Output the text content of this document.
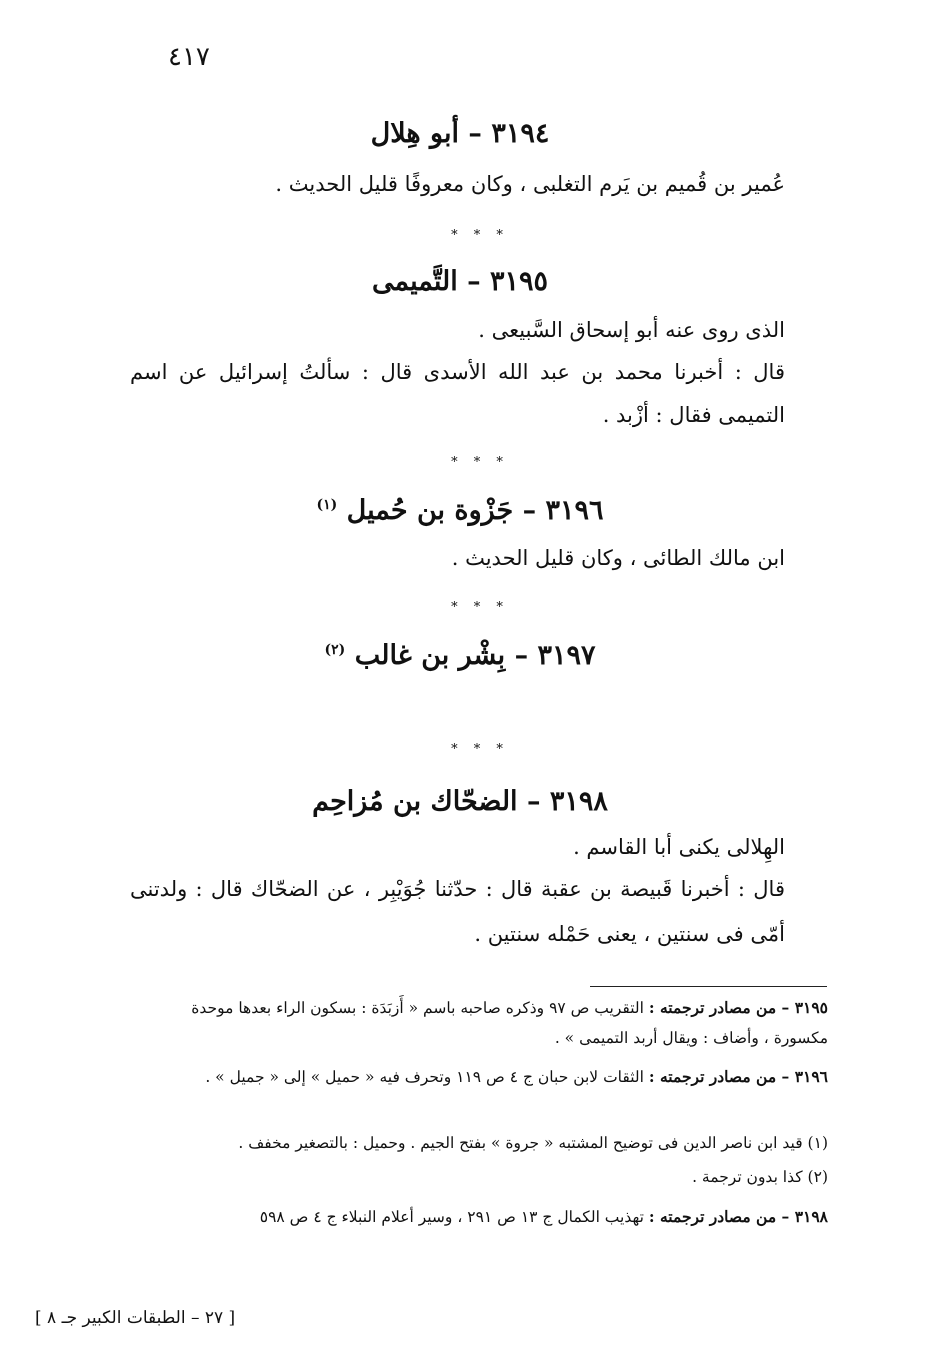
٤١٧
٣١٩٤ – أبو هِلال
عُمير بن قُميم بن يَرم التغلبى ، وكان معروفًا قليل الحديث .
* * *
٣١٩٥ – التَّميمى
الذى روى عنه أبو إسحاق السَّبيعى .
قال : أخبرنا محمد بن عبد الله الأسدى قال : سألتُ إسرائيل عن اسم
التميمى فقال : أزْبد .
* * *
٣١٩٦ – جَزْوة بن حُميل $^{(١)}$
ابن مالك الطائى ، وكان قليل الحديث .
* * *
٣١٩٧ – بِشْر بن غالب $^{(٢)}$
* * *
٣١٩٨ – الضحّاك بن مُزاحِم
الهِلالى يكنى أبا القاسم .
قال : أخبرنا قَبيصة بن عقبة قال : حدّثنا جُوَيْبِر ، عن الضحّاك قال : ولدتنى
أمّى فى سنتين ، يعنى حَمْله سنتين .
٣١٩٥ – من مصادر ترجمته : التقريب ص ٩٧ وذكره صاحبه باسم « أَزبَدَة : بسكون الراء بعدها موحدة مكسورة ، وأضاف : ويقال أربد التميمى » .
٣١٩٦ – من مصادر ترجمته : الثقات لابن حبان ج ٤ ص ١١٩ وتحرف فيه « حميل » إلى « جميل » .
(١) قيد ابن ناصر الدين فى توضيح المشتبه « جروة » بفتح الجيم . وحميل : بالتصغير مخفف .
(٢) كذا بدون ترجمة .
٣١٩٨ – من مصادر ترجمته : تهذيب الكمال ج ١٣ ص ٢٩١ ، وسير أعلام النبلاء ج ٤ ص ٥٩٨
[ ٢٧ – الطبقات الكبير جـ ٨ ]
